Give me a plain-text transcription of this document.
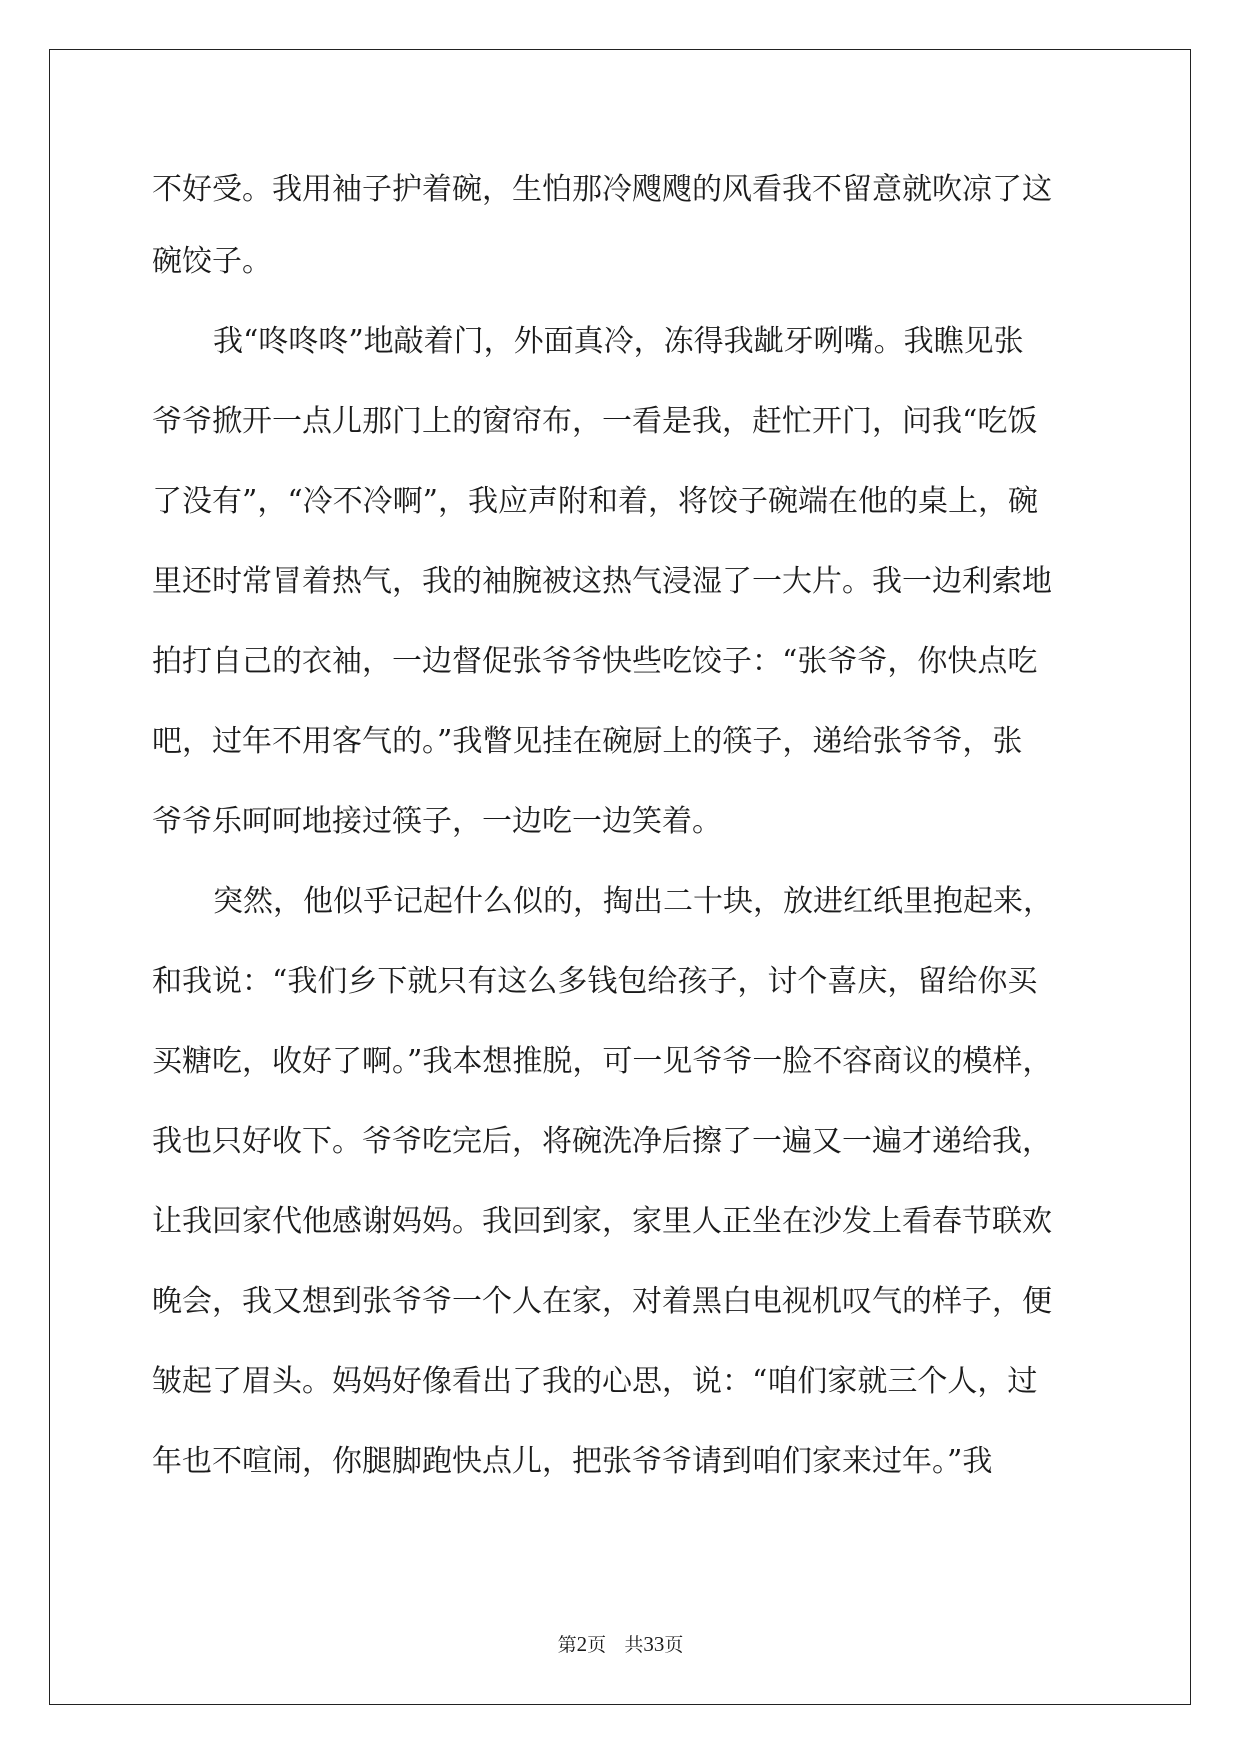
不好受。我用袖子护着碗，生怕那冷飕飕的风看我不留意就吹凉了这
碗饺子。
我“咚咚咚”地敲着门，外面真冷，冻得我龇牙咧嘴。我瞧见张
爷爷掀开一点儿那门上的窗帘布，一看是我，赶忙开门，问我“吃饭
了没有”，“冷不冷啊”，我应声附和着，将饺子碗端在他的桌上，碗
里还时常冒着热气，我的袖腕被这热气浸湿了一大片。我一边利索地
拍打自己的衣袖，一边督促张爷爷快些吃饺子：“张爷爷，你快点吃
吧，过年不用客气的。”我瞥见挂在碗厨上的筷子，递给张爷爷，张
爷爷乐呵呵地接过筷子，一边吃一边笑着。
突然，他似乎记起什么似的，掏出二十块，放进红纸里抱起来，
和我说：“我们乡下就只有这么多钱包给孩子，讨个喜庆，留给你买
买糖吃，收好了啊。”我本想推脱，可一见爷爷一脸不容商议的模样，
我也只好收下。爷爷吃完后，将碗洗净后擦了一遍又一遍才递给我，
让我回家代他感谢妈妈。我回到家，家里人正坐在沙发上看春节联欢
晚会，我又想到张爷爷一个人在家，对着黑白电视机叹气的样子，便
皱起了眉头。妈妈好像看出了我的心思，说：“咱们家就三个人，过
年也不喧闹，你腿脚跑快点儿，把张爷爷请到咱们家来过年。”我
第2页 共33页
